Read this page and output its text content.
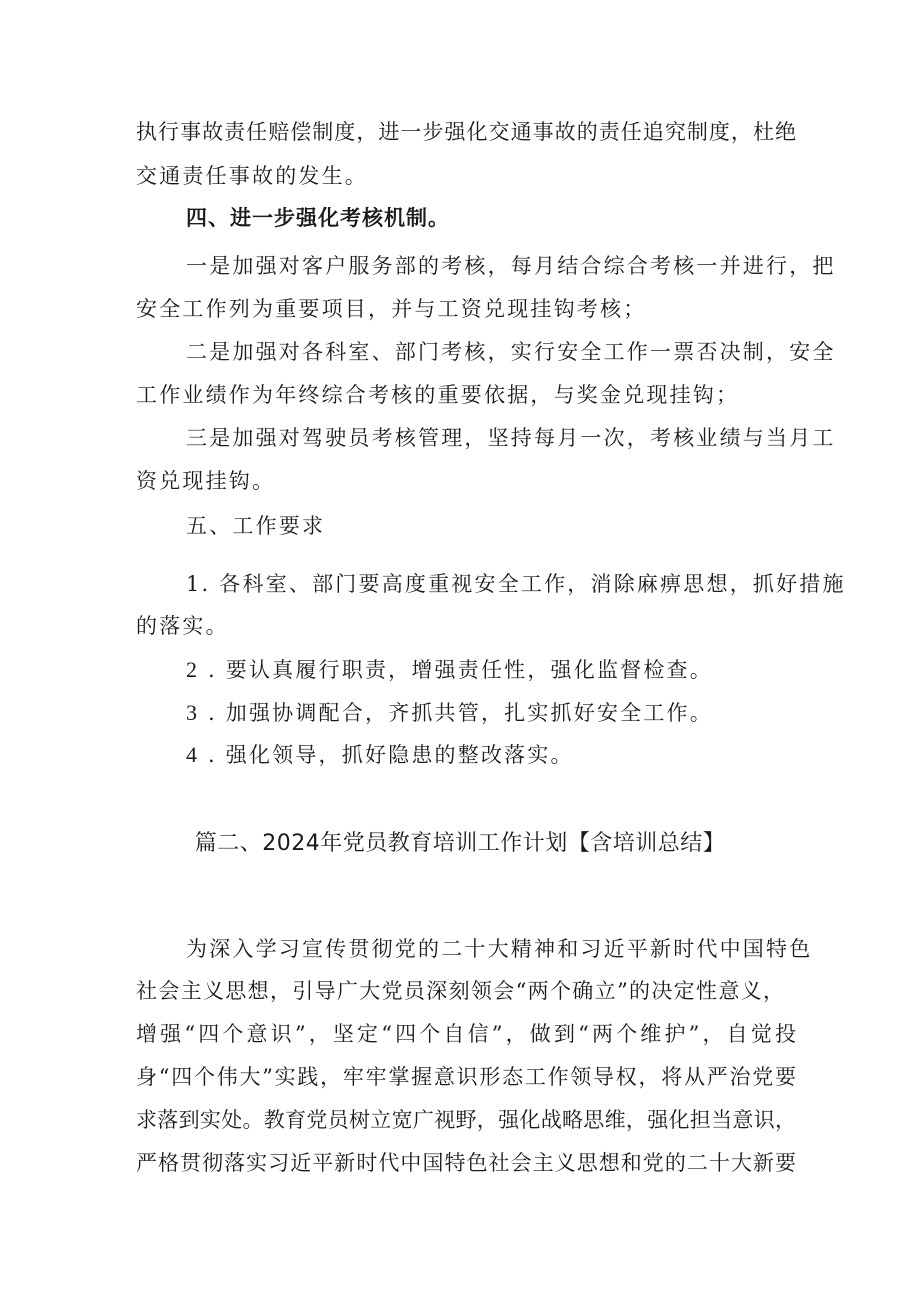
执行事故责任赔偿制度，进一步强化交通事故的责任追究制度，杜绝
交通责任事故的发生。
四、进一步强化考核机制。
一是加强对客户服务部的考核，每月结合综合考核一并进行，把
安全工作列为重要项目，并与工资兑现挂钩考核；
二是加强对各科室、部门考核，实行安全工作一票否决制，安全
工作业绩作为年终综合考核的重要依据，与奖金兑现挂钩；
三是加强对驾驶员考核管理，坚持每月一次，考核业绩与当月工
资兑现挂钩。
五、工作要求
1. 各科室、部门要高度重视安全工作，消除麻痹思想，抓好措施
的落实。
2 . 要认真履行职责，增强责任性，强化监督检查。
3 . 加强协调配合，齐抓共管，扎实抓好安全工作。
4 . 强化领导，抓好隐患的整改落实。
篇二、2024年党员教育培训工作计划【含培训总结】
为深入学习宣传贯彻党的二十大精神和习近平新时代中国特色
社会主义思想，引导广大党员深刻领会“两个确立”的决定性意义，
增强“四个意识”，坚定“四个自信”，做到“两个维护”，自觉投
身“四个伟大”实践，牢牢掌握意识形态工作领导权，将从严治党要
求落到实处。教育党员树立宽广视野，强化战略思维，强化担当意识，
严格贯彻落实习近平新时代中国特色社会主义思想和党的二十大新要
